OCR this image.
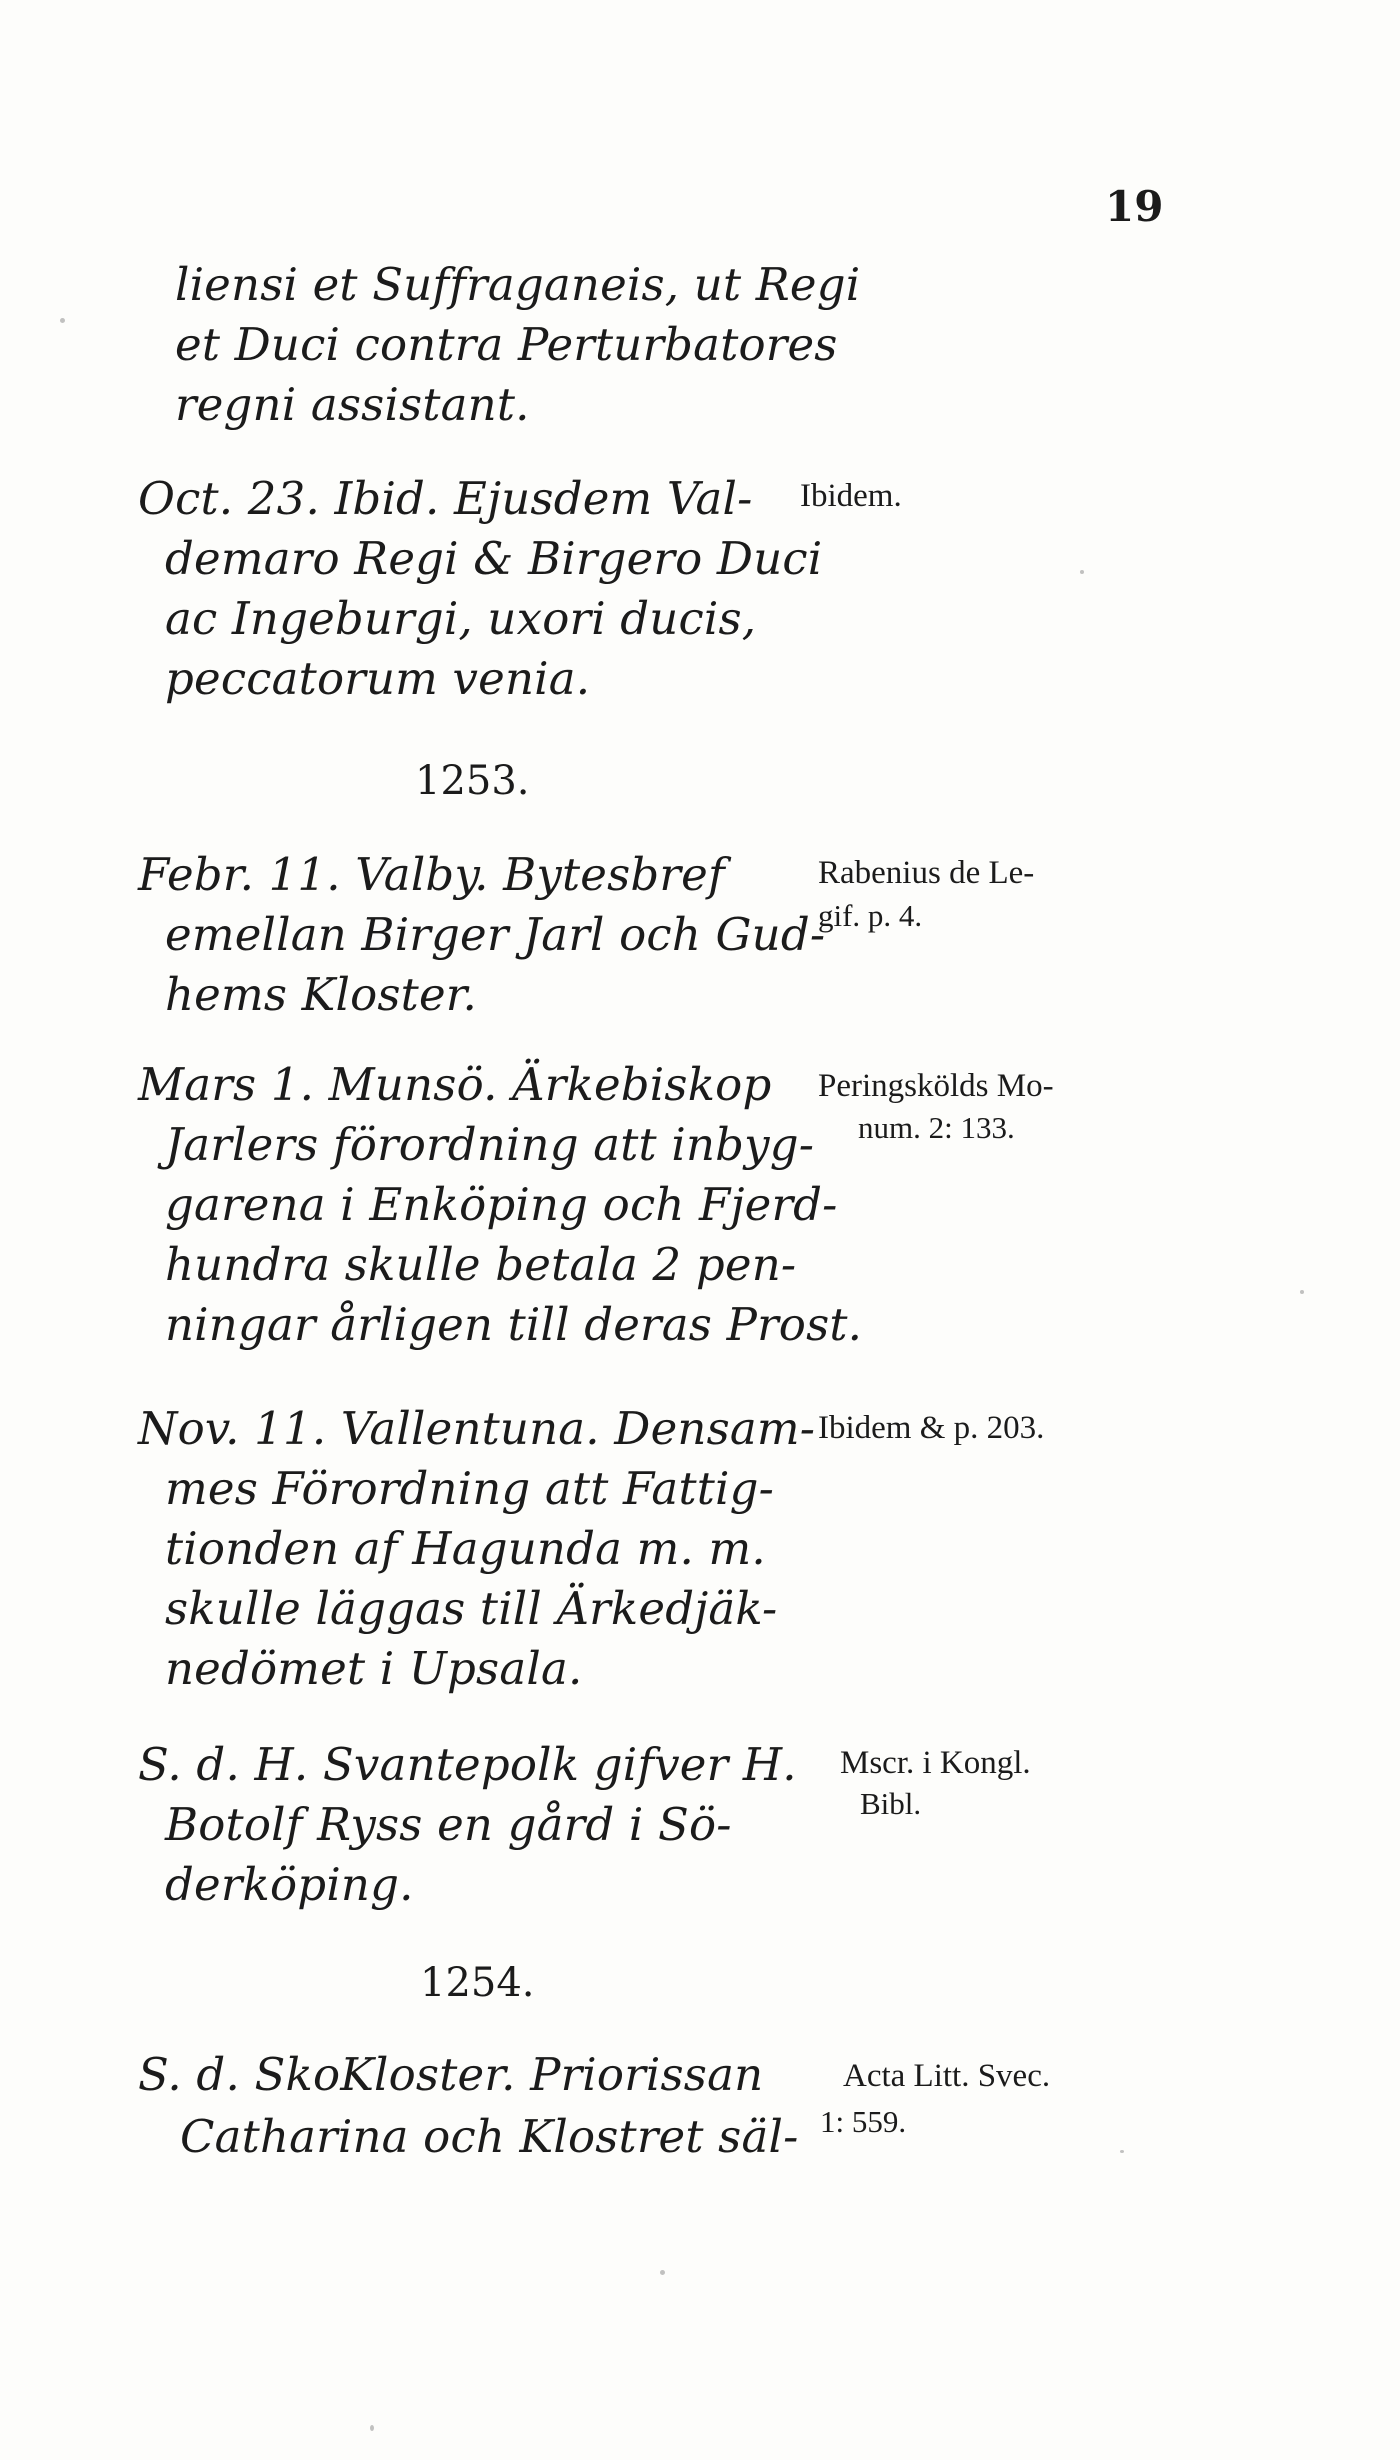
19
liensi et Suffraganeis, ut Regi
et Duci contra Perturbatores
regni assistant.
Oct. 23. Ibid. Ejusdem Val-
demaro Regi & Birgero Duci
ac Ingeburgi, uxori ducis,
peccatorum venia.
Ibidem.
1253.
Febr. 11. Valby. Bytesbref
emellan Birger Jarl och Gud-
hems Kloster.
Rabenius de Le-
gif. p. 4.
Mars 1. Munsö. Ärkebiskop
Jarlers förordning att inbyg-
garena i Enköping och Fjerd-
hundra skulle betala 2 pen-
ningar årligen till deras Prost.
Peringskölds Mo-
num. 2: 133.
Nov. 11. Vallentuna. Densam-
mes Förordning att Fattig-
tionden af Hagunda m. m.
skulle läggas till Ärkedjäk-
nedömet i Upsala.
Ibidem & p. 203.
S. d. H. Svantepolk gifver H.
Botolf Ryss en gård i Sö-
derköping.
Mscr. i Kongl.
Bibl.
1254.
S. d. SkoKloster. Priorissan
Catharina och Klostret säl-
Acta Litt. Svec.
1: 559.
